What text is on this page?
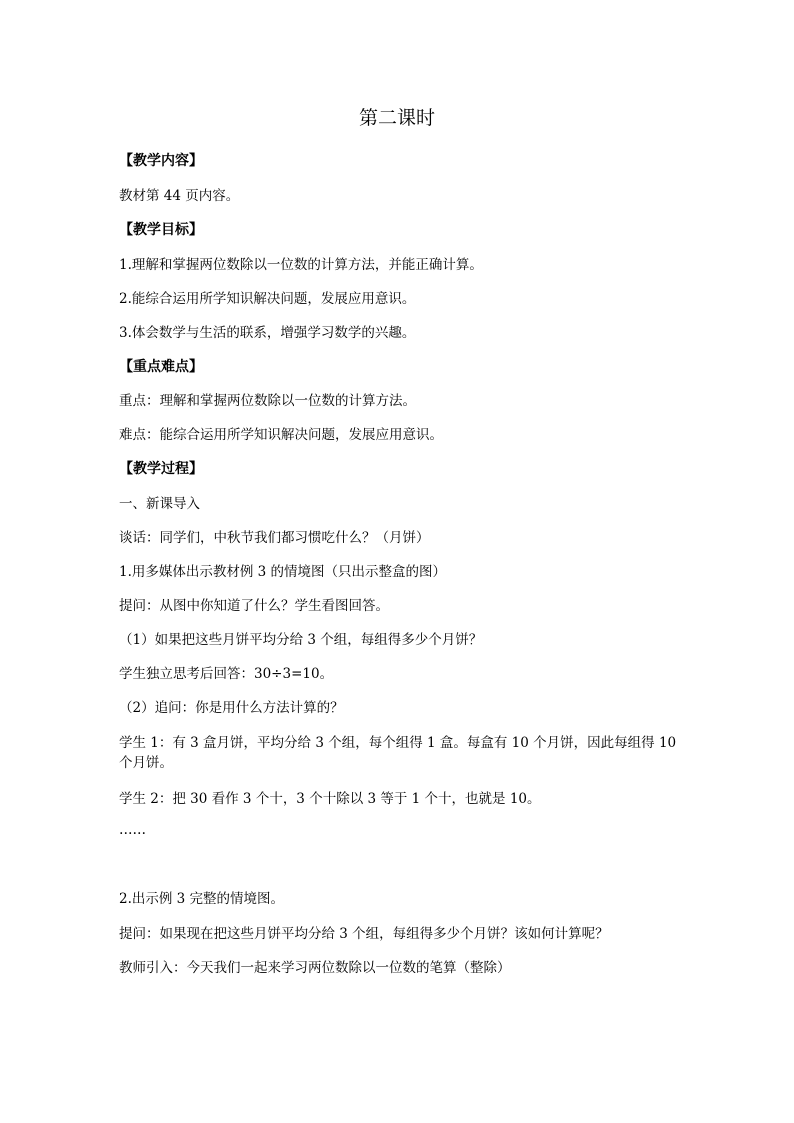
第二课时
【教学内容】
教材第 44 页内容。
【教学目标】
1.理解和掌握两位数除以一位数的计算方法，并能正确计算。
2.能综合运用所学知识解决问题，发展应用意识。
3.体会数学与生活的联系，增强学习数学的兴趣。
【重点难点】
重点：理解和掌握两位数除以一位数的计算方法。
难点：能综合运用所学知识解决问题，发展应用意识。
【教学过程】
一、新课导入
谈话：同学们，中秋节我们都习惯吃什么？（月饼）
1.用多媒体出示教材例 3 的情境图（只出示整盒的图）
提问：从图中你知道了什么？学生看图回答。
（1）如果把这些月饼平均分给 3 个组，每组得多少个月饼？
学生独立思考后回答：30÷3=10。
（2）追问：你是用什么方法计算的？
学生 1：有 3 盒月饼，平均分给 3 个组，每个组得 1 盒。每盒有 10 个月饼，因此每组得 10 个月饼。
学生 2：把 30 看作 3 个十，3 个十除以 3 等于 1 个十，也就是 10。
……
2.出示例 3 完整的情境图。
提问：如果现在把这些月饼平均分给 3 个组，每组得多少个月饼？该如何计算呢？
教师引入：今天我们一起来学习两位数除以一位数的笔算（整除）
